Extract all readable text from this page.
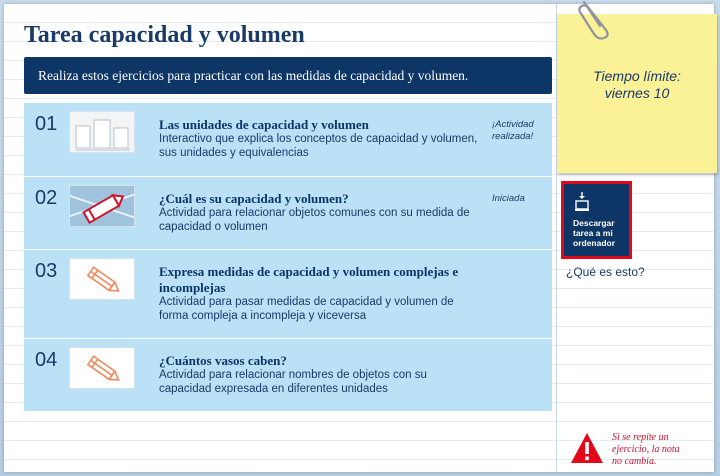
Tarea capacidad y volumen
Realiza estos ejercicios para practicar con las medidas de capacidad y volumen.
01	Las unidades de capacidad y volumen
Interactivo que explica los conceptos de capacidad y volumen, sus unidades y equivalencias
¡Actividad realizada!
02	¿Cuál es su capacidad y volumen?
Actividad para relacionar objetos comunes con su medida de capacidad o volumen
Iniciada
03	Expresa medidas de capacidad y volumen complejas e incomplejas
Actividad para pasar medidas de capacidad y volumen de forma compleja a incompleja y viceversa
04	¿Cuántos vasos caben?
Actividad para relacionar nombres de objetos con su capacidad expresada en diferentes unidades
Tiempo límite:
viernes 10
Descargar
tarea a mi
ordenador
¿Qué es esto?
Si se repite un
ejercicio, la nota
no cambia.
